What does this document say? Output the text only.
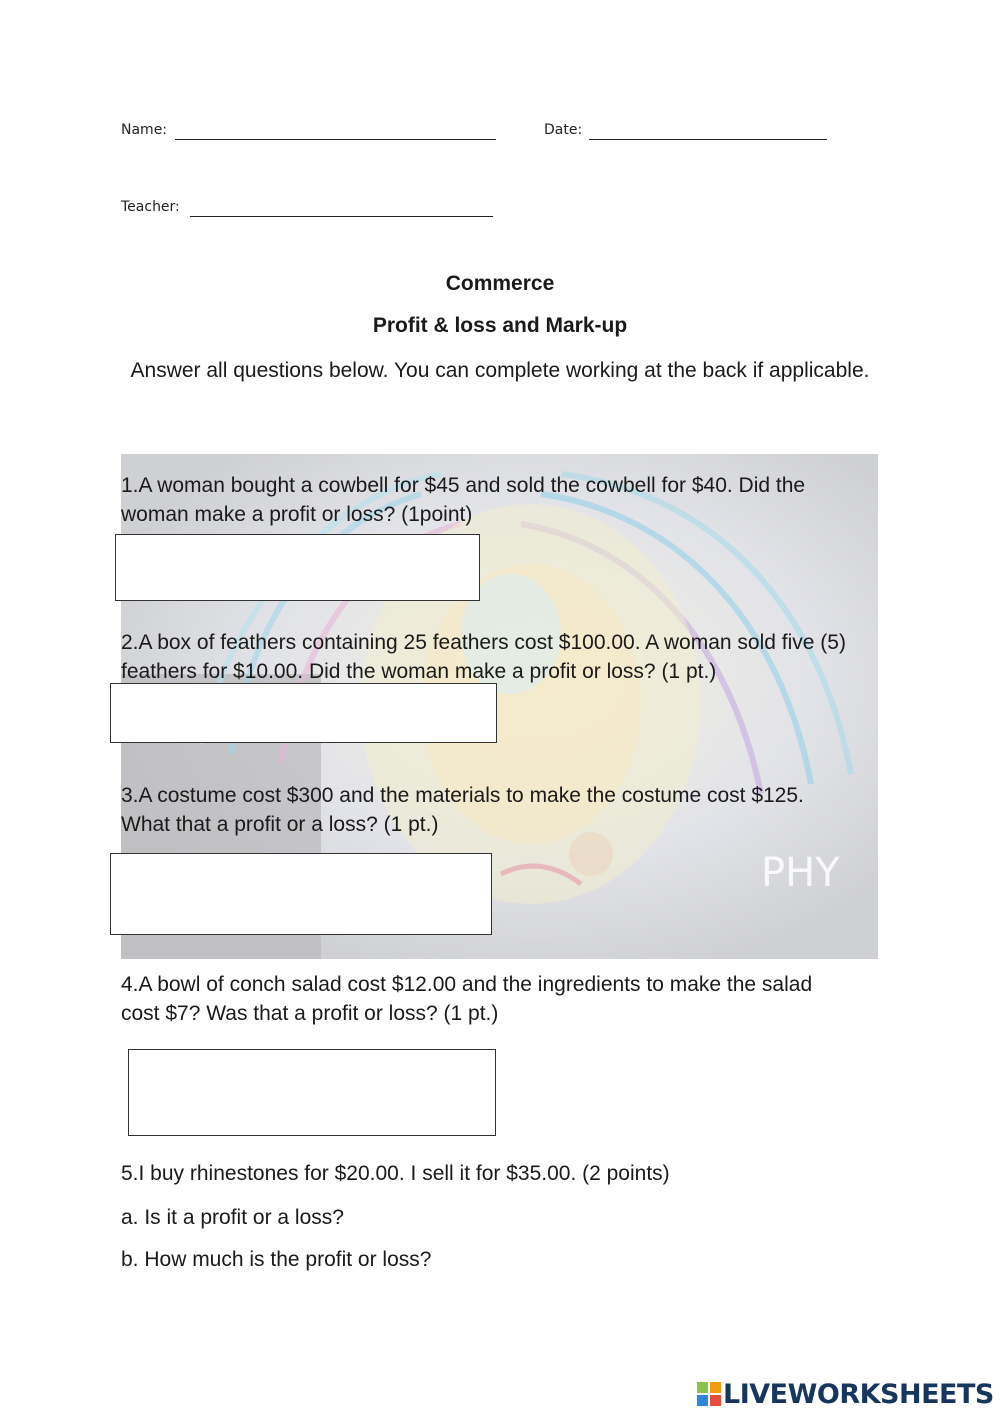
Name:	Date:
Teacher:
Commerce
Profit & loss and Mark-up
Answer all questions below. You can complete working at the back if applicable.
PHY
1.A woman bought a cowbell for $45 and sold the cowbell for $40. Did the woman make a profit or loss? (1point)
2.A box of feathers containing 25 feathers cost $100.00. A woman sold five (5) feathers for $10.00. Did the woman make a profit or loss? (1 pt.)
3.A costume cost $300 and the materials to make the costume cost $125. What that a profit or a loss? (1 pt.)
4.A bowl of conch salad cost $12.00 and the ingredients to make the salad cost $7? Was that a profit or loss? (1 pt.)
5.I buy rhinestones for $20.00. I sell it for $35.00. (2 points)
a. Is it a profit or a loss?
b. How much is the profit or loss?
LIVEWORKSHEETS
